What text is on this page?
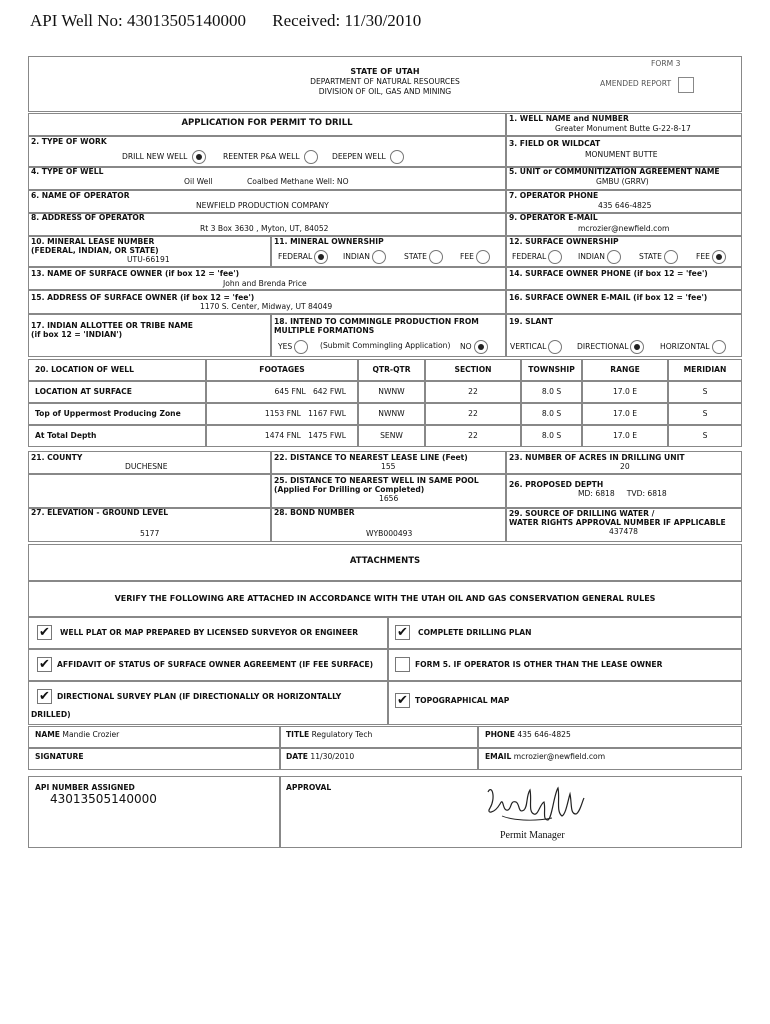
API Well No: 43013505140000 Received: 11/30/2010
STATE OF UTAH
DEPARTMENT OF NATURAL RESOURCES
DIVISION OF OIL, GAS AND MINING
FORM 3
AMENDED REPORT
APPLICATION FOR PERMIT TO DRILL	1. WELL NAME and NUMBER
Greater Monument Butte G-22-8-17
2. TYPE OF WORK
DRILL NEW WELL	REENTER P&A WELL	DEEPEN WELL
3. FIELD OR WILDCAT
MONUMENT BUTTE
4. TYPE OF WELL
Oil Well	Coalbed Methane Well: NO
5. UNIT or COMMUNITIZATION AGREEMENT NAME
GMBU (GRRV)
6. NAME OF OPERATOR
NEWFIELD PRODUCTION COMPANY
7. OPERATOR PHONE
435 646-4825
8. ADDRESS OF OPERATOR
Rt 3 Box 3630 , Myton, UT, 84052
9. OPERATOR E-MAIL
mcrozier@newfield.com
10. MINERAL LEASE NUMBER
(FEDERAL, INDIAN, OR STATE)
UTU-66191
11. MINERAL OWNERSHIP
FEDERAL	INDIAN	STATE	FEE
12. SURFACE OWNERSHIP
FEDERAL	INDIAN	STATE	FEE
13. NAME OF SURFACE OWNER (if box 12 = 'fee')
John and Brenda Price
14. SURFACE OWNER PHONE (if box 12 = 'fee')
15. ADDRESS OF SURFACE OWNER (if box 12 = 'fee')
1170 S. Center, Midway, UT 84049
16. SURFACE OWNER E-MAIL (if box 12 = 'fee')
17. INDIAN ALLOTTEE OR TRIBE NAME
(if box 12 = 'INDIAN')
18. INTEND TO COMMINGLE PRODUCTION FROM
MULTIPLE FORMATIONS
YES	(Submit Commingling Application) NO
19. SLANT
VERTICAL	DIRECTIONAL	HORIZONTAL
20. LOCATION OF WELL	FOOTAGES	QTR-QTR	SECTION	TOWNSHIP	RANGE	MERIDIAN
LOCATION AT SURFACE	645 FNL   642 FWL	NWNW	22	8.0 S	17.0 E	S
Top of Uppermost Producing Zone	1153 FNL   1167 FWL	NWNW	22	8.0 S	17.0 E	S
At Total Depth	1474 FNL   1475 FWL	SENW	22	8.0 S	17.0 E	S
21. COUNTY
DUCHESNE
22. DISTANCE TO NEAREST LEASE LINE (Feet)
155
23. NUMBER OF ACRES IN DRILLING UNIT
20
25. DISTANCE TO NEAREST WELL IN SAME POOL
(Applied For Drilling or Completed)
1656
26. PROPOSED DEPTH
MD: 6818     TVD: 6818
27. ELEVATION - GROUND LEVEL
5177
28. BOND NUMBER
WYB000493
29. SOURCE OF DRILLING WATER /
WATER RIGHTS APPROVAL NUMBER IF APPLICABLE
437478
ATTACHMENTS
VERIFY THE FOLLOWING ARE ATTACHED IN ACCORDANCE WITH THE UTAH OIL AND GAS CONSERVATION GENERAL RULES
✔ WELL PLAT OR MAP PREPARED BY LICENSED SURVEYOR OR ENGINEER	✔ COMPLETE DRILLING PLAN
✔ AFFIDAVIT OF STATUS OF SURFACE OWNER AGREEMENT (IF FEE SURFACE)	FORM 5. IF OPERATOR IS OTHER THAN THE LEASE OWNER
✔ DIRECTIONAL SURVEY PLAN (IF DIRECTIONALLY OR HORIZONTALLY
DRILLED)
✔ TOPOGRAPHICAL MAP
NAME Mandie Crozier	TITLE Regulatory Tech	PHONE 435 646-4825
SIGNATURE	DATE 11/30/2010	EMAIL mcrozier@newfield.com
API NUMBER ASSIGNED
43013505140000
APPROVAL
Permit Manager
